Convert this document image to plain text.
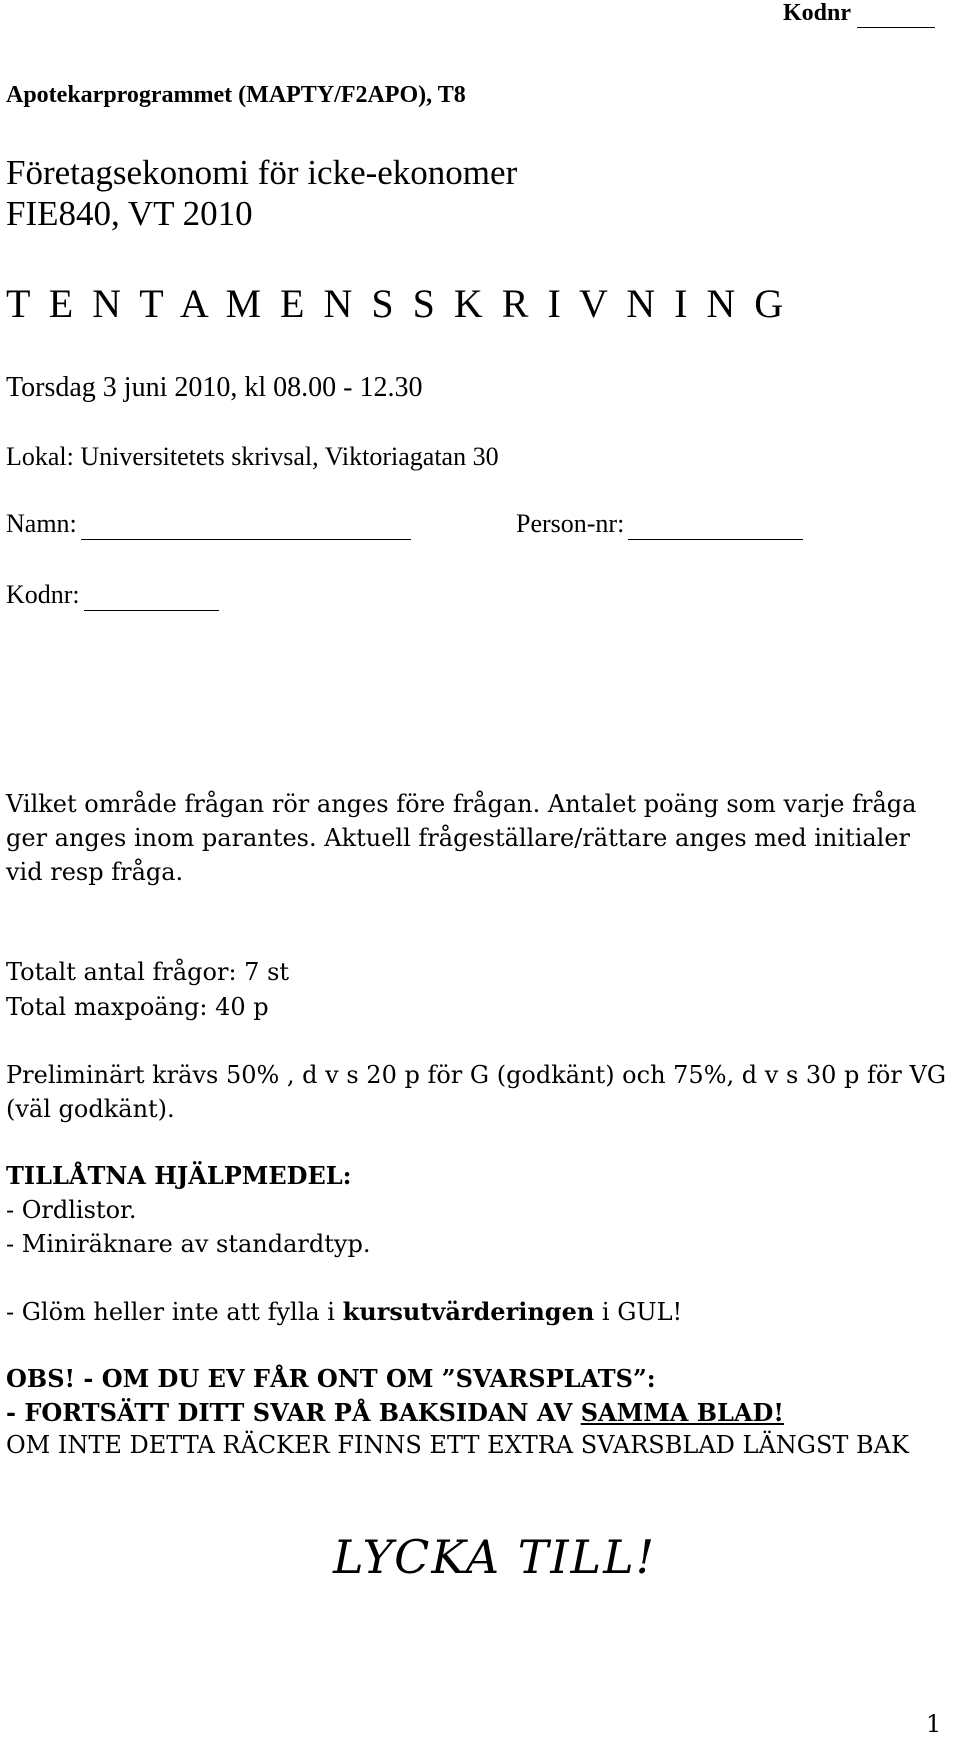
Kodnr
Apotekarprogrammet (MAPTY/F2APO), T8
Företagsekonomi för icke-ekonomer
FIE840, VT 2010
T E N T A M E N S S K R I V N I N G
Torsdag 3 juni 2010, kl 08.00 - 12.30
Lokal: Universitetets skrivsal, Viktoriagatan 30
Namn:	Person-nr:
Kodnr:
Vilket område frågan rör anges före frågan. Antalet poäng som varje fråga ger anges inom parantes. Aktuell frågeställare/rättare anges med initialer vid resp fråga.
Totalt antal frågor: 7 st
Total maxpoäng: 40 p
Preliminärt krävs 50% , d v s 20 p för G (godkänt) och 75%, d v s 30 p för VG (väl godkänt).
TILLÅTNA HJÄLPMEDEL:
- Ordlistor.
- Miniräknare av standardtyp.
- Glöm heller inte att fylla i kursutvärderingen i GUL!
OBS! - OM DU EV FÅR ONT OM ”SVARSPLATS”:
- FORTSÄTT DITT SVAR PÅ BAKSIDAN AV SAMMA BLAD!
OM INTE DETTA RÄCKER FINNS ETT EXTRA SVARSBLAD LÄNGST BAK
LYCKA TILL!
1
